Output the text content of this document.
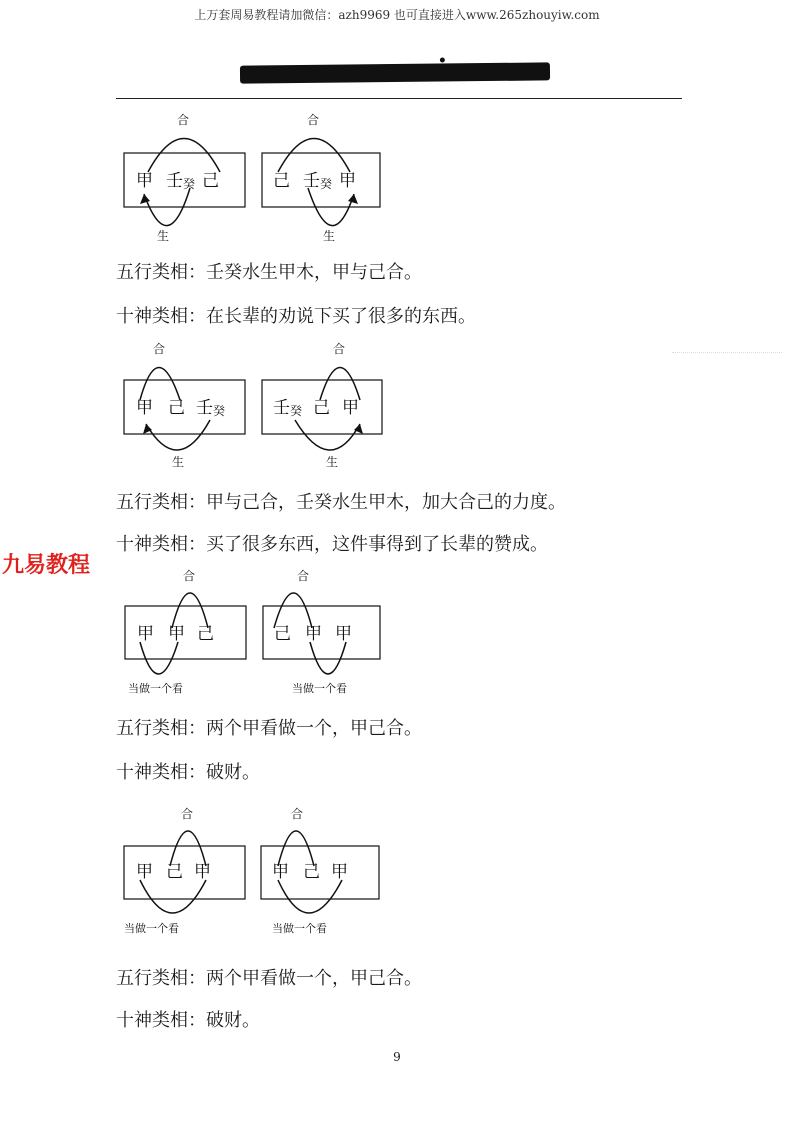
上万套周易教程请加微信：azh9969 也可直接进入www.265zhouyiw.com
合
甲 壬 癸 己
生
合
己 壬 癸 甲
生
五行类相：壬癸水生甲木，甲与己合。
十神类相：在长辈的劝说下买了很多的东西。
合
甲 己 壬 癸
生
合
壬 癸 己 甲
生
五行类相：甲与己合，壬癸水生甲木，加大合己的力度。
十神类相：买了很多东西，这件事得到了长辈的赞成。
九易教程	合
甲 甲 己
当做一个看
合
己 甲 甲
当做一个看
五行类相：两个甲看做一个，甲己合。
十神类相：破财。
合
甲 己 甲
当做一个看
合
甲 己 甲
当做一个看
五行类相：两个甲看做一个，甲己合。
十神类相：破财。
9
